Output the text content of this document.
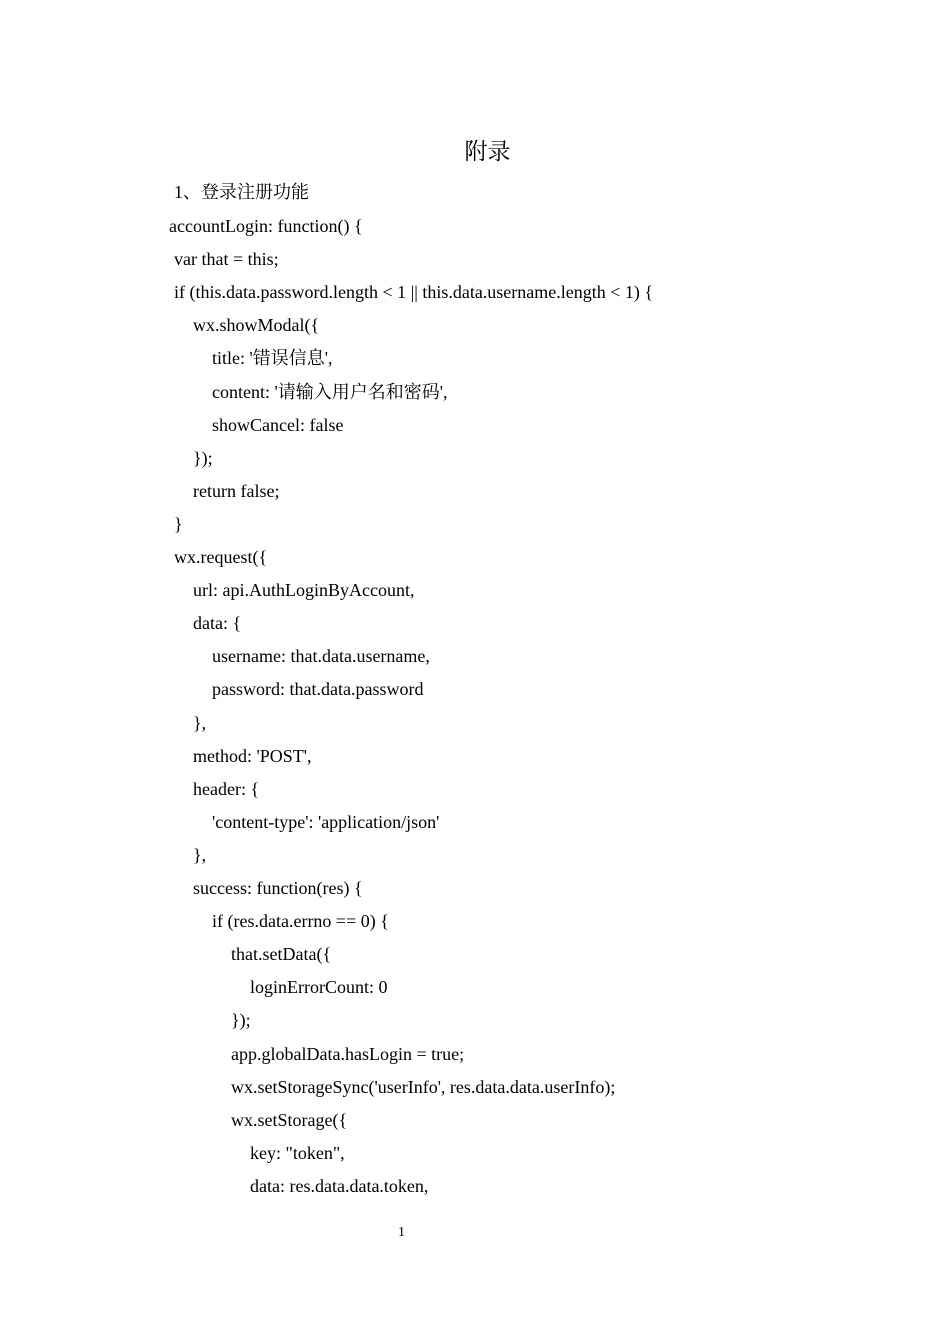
附录
1、登录注册功能
accountLogin: function() {
var that = this;
if (this.data.password.length < 1 || this.data.username.length < 1) {
wx.showModal({
title: '错误信息',
content: '请输入用户名和密码',
showCancel: false
});
return false;
}
wx.request({
url: api.AuthLoginByAccount,
data: {
username: that.data.username,
password: that.data.password
},
method: 'POST',
header: {
'content-type': 'application/json'
},
success: function(res) {
if (res.data.errno == 0) {
that.setData({
loginErrorCount: 0
});
app.globalData.hasLogin = true;
wx.setStorageSync('userInfo', res.data.data.userInfo);
wx.setStorage({
key: "token",
data: res.data.data.token,
1
